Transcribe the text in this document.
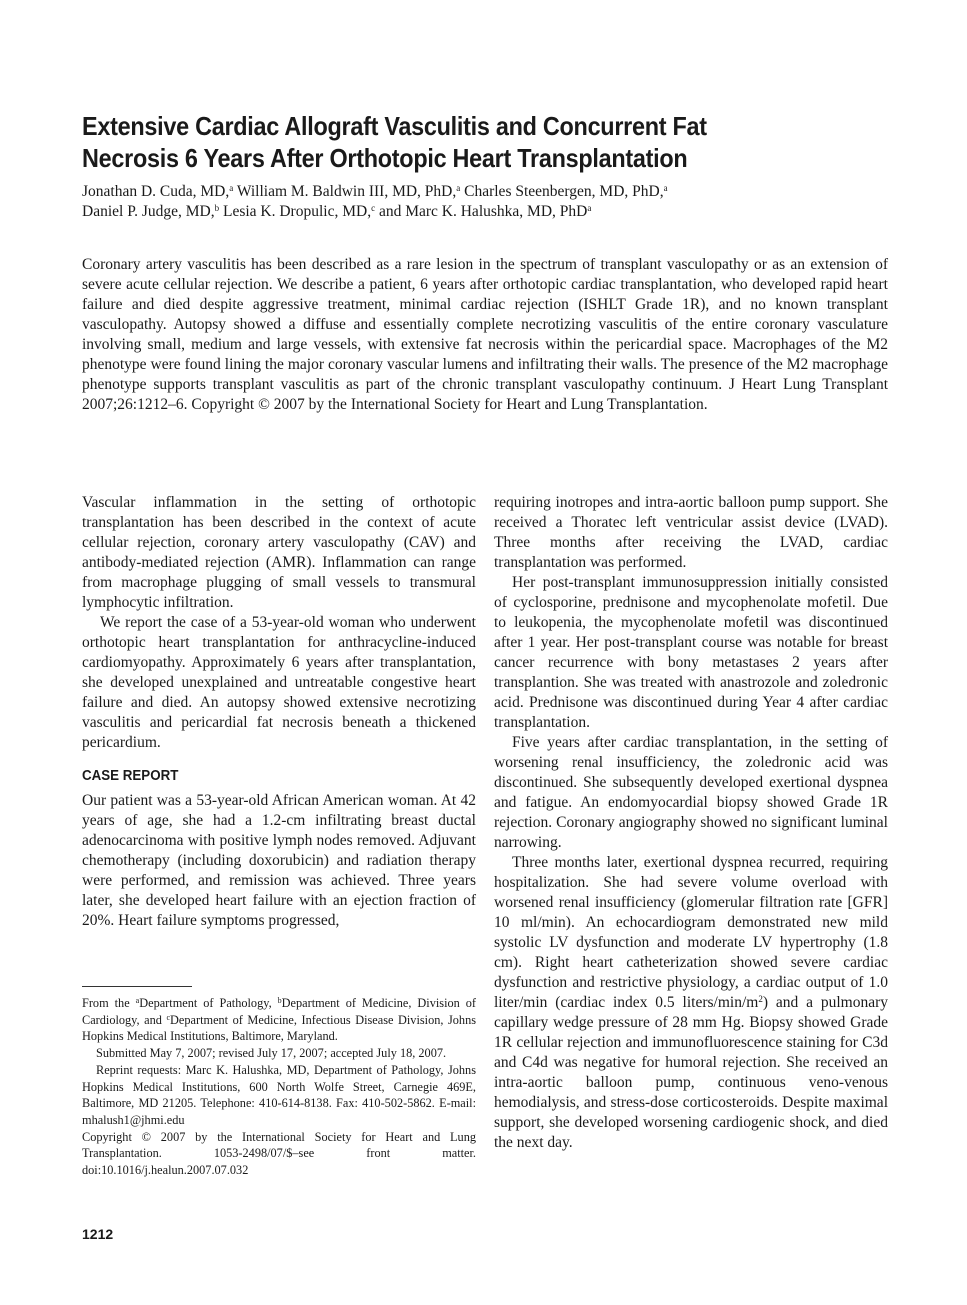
Extensive Cardiac Allograft Vasculitis and Concurrent Fat
Necrosis 6 Years After Orthotopic Heart Transplantation
Jonathan D. Cuda, MD,$^a$ William M. Baldwin III, MD, PhD,$^a$ Charles Steenbergen, MD, PhD,$^a$
Daniel P. Judge, MD,$^b$ Lesia K. Dropulic, MD,$^c$ and Marc K. Halushka, MD, PhD$^a$

Coronary artery vasculitis has been described as a rare lesion in the spectrum of transplant vasculopathy or as an extension of severe acute cellular rejection. We describe a patient, 6 years after orthotopic cardiac transplantation, who developed rapid heart failure and died despite aggressive treatment, minimal cardiac rejection (ISHLT Grade 1R), and no known transplant vasculopathy. Autopsy showed a diffuse and essentially complete necrotizing vasculitis of the entire coronary vasculature involving small, medium and large vessels, with extensive fat necrosis within the pericardial space. Macrophages of the M2 phenotype were found lining the major coronary vascular lumens and infiltrating their walls. The presence of the M2 macrophage phenotype supports transplant vasculitis as part of the chronic transplant vasculopathy continuum. J Heart Lung Transplant 2007;26:1212–6. Copyright © 2007 by the International Society for Heart and Lung Transplantation.

Vascular inflammation in the setting of orthotopic transplantation has been described in the context of acute cellular rejection, coronary artery vasculopathy (CAV) and antibody-mediated rejection (AMR). Inflammation can range from macrophage plugging of small vessels to transmural lymphocytic infiltration.

We report the case of a 53-year-old woman who underwent orthotopic heart transplantation for anthracycline-induced cardiomyopathy. Approximately 6 years after transplantation, she developed unexplained and untreatable congestive heart failure and died. An autopsy showed extensive necrotizing vasculitis and pericardial fat necrosis beneath a thickened pericardium.

CASE REPORT

Our patient was a 53-year-old African American woman. At 42 years of age, she had a 1.2-cm infiltrating breast ductal adenocarcinoma with positive lymph nodes removed. Adjuvant chemotherapy (including doxorubicin) and radiation therapy were performed, and remission was achieved. Three years later, she developed heart failure with an ejection fraction of 20%. Heart failure symptoms progressed,

requiring inotropes and intra-aortic balloon pump support. She received a Thoratec left ventricular assist device (LVAD). Three months after receiving the LVAD, cardiac transplantation was performed.

Her post-transplant immunosuppression initially consisted of cyclosporine, prednisone and mycophenolate mofetil. Due to leukopenia, the mycophenolate mofetil was discontinued after 1 year. Her post-transplant course was notable for breast cancer recurrence with bony metastases 2 years after transplantion. She was treated with anastrozole and zoledronic acid. Prednisone was discontinued during Year 4 after cardiac transplantation.

Five years after cardiac transplantation, in the setting of worsening renal insufficiency, the zoledronic acid was discontinued. She subsequently developed exertional dyspnea and fatigue. An endomyocardial biopsy showed Grade 1R rejection. Coronary angiography showed no significant luminal narrowing.

Three months later, exertional dyspnea recurred, requiring hospitalization. She had severe volume overload with worsened renal insufficiency (glomerular filtration rate [GFR] 10 ml/min). An echocardiogram demonstrated new mild systolic LV dysfunction and moderate LV hypertrophy (1.8 cm). Right heart catheterization showed severe cardiac dysfunction and restrictive physiology, a cardiac output of 1.0 liter/min (cardiac index 0.5 liters/$\min/m^2$) and a pulmonary capillary wedge pressure of 28 mm Hg. Biopsy showed Grade 1R cellular rejection and immunofluorescence staining for C3d and C4d was negative for humoral rejection. She received an intra-aortic balloon pump, continuous veno-venous hemodialysis, and stress-dose corticosteroids. Despite maximal support, she developed worsening cardiogenic shock, and died the next day.

From the $^a$Department of Pathology, $^b$Department of Medicine, Division of Cardiology, and $^c$Department of Medicine, Infectious Disease Division, Johns Hopkins Medical Institutions, Baltimore, Maryland.

Submitted May 7, 2007; revised July 17, 2007; accepted July 18, 2007.

Reprint requests: Marc K. Halushka, MD, Department of Pathology, Johns Hopkins Medical Institutions, 600 North Wolfe Street, Carnegie 469E, Baltimore, MD 21205. Telephone: 410-614-8138. Fax: 410-502-5862. E-mail: mhalush1@jhmi.edu

Copyright © 2007 by the International Society for Heart and Lung Transplantation. 1053-2498/07/$–see front matter. doi:10.1016/j.healun.2007.07.032

1212
